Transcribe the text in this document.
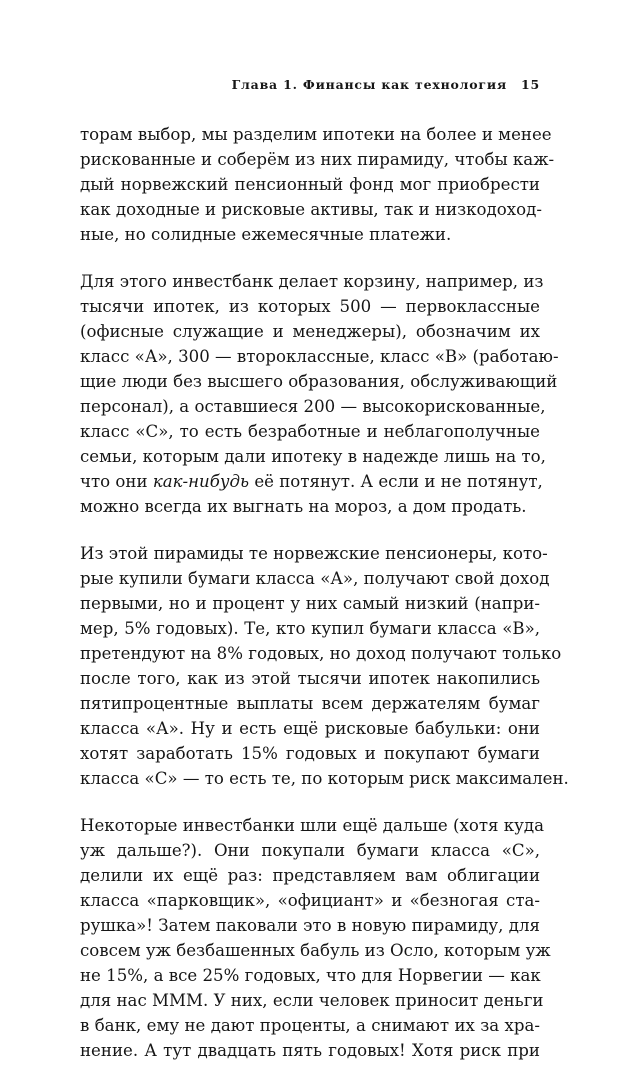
Глава 1. Финансы как технология 15
торам выбор, мы разделим ипотеки на более и менее
рискованные и соберём из них пирамиду, чтобы каж-
дый норвежский пенсионный фонд мог приобрести
как доходные и рисковые активы, так и низкодоход-
ные, но солидные ежемесячные платежи.
Для этого инвестбанк делает корзину, например, из
тысячи ипотек, из которых 500 — первоклассные
(офисные служащие и менеджеры), обозначим их
класс «А», 300 — второклассные, класс «В» (работаю-
щие люди без высшего образования, обслуживающий
персонал), а оставшиеся 200 — высокорискованные,
класс «С», то есть безработные и неблагополучные
семьи, которым дали ипотеку в надежде лишь на то,
что они как-нибудь её потянут. А если и не потянут,
можно всегда их выгнать на мороз, а дом продать.
Из этой пирамиды те норвежские пенсионеры, кото-
рые купили бумаги класса «А», получают свой доход
первыми, но и процент у них самый низкий (напри-
мер, 5% годовых). Те, кто купил бумаги класса «В»,
претендуют на 8% годовых, но доход получают только
после того, как из этой тысячи ипотек накопились
пятипроцентные выплаты всем держателям бумаг
класса «А». Ну и есть ещё рисковые бабульки: они
хотят заработать 15% годовых и покупают бумаги
класса «С» — то есть те, по которым риск максимален.
Некоторые инвестбанки шли ещё дальше (хотя куда
уж дальше?). Они покупали бумаги класса «С»,
делили их ещё раз: представляем вам облигации
класса «парковщик», «официант» и «безногая ста-
рушка»! Затем паковали это в новую пирамиду, для
совсем уж безбашенных бабуль из Осло, которым уж
не 15%, а все 25% годовых, что для Норвегии — как
для нас МММ. У них, если человек приносит деньги
в банк, ему не дают проценты, а снимают их за хра-
нение. А тут двадцать пять годовых! Хотя риск при
